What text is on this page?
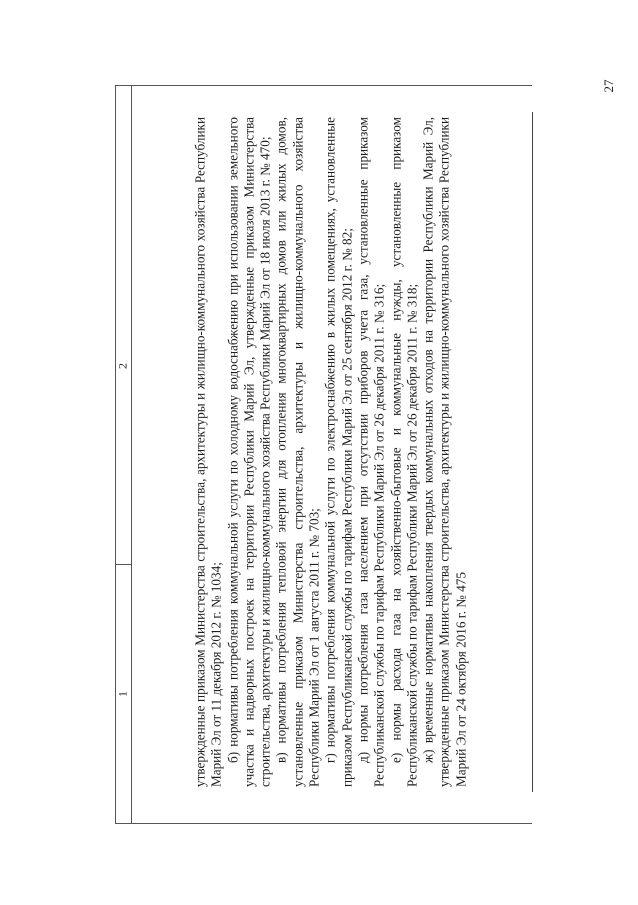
27
1
2	утвержденные приказом Министерства строительства, архитектуры и жилищно-коммунального хозяйства Республики Марий Эл от 11 декабря 2012 г. № 1034; б) нормативы потребления коммунальной услуги по холодному водоснабжению при использовании земельного участка и надворных построек на территории Республики Марий Эл, утвержденные приказом Министерства строительства, архитектуры и жилищно-коммунального хозяйства Республики Марий Эл от 18 июля 2013 г. № 470; в) нормативы потребления тепловой энергии для отопления многоквартирных домов или жилых домов, установленные приказом Министерства строительства, архитектуры и жилищно-коммунального хозяйства Республики Марий Эл от 1 августа 2011 г. № 703; г) нормативы потребления коммунальной услуги по электроснабжению в жилых помещениях, установленные приказом Республиканской службы по тарифам Республики Марий Эл от 25 сентября 2012 г. № 82; д) нормы потребления газа населением при отсутствии приборов учета газа, установленные приказом Республиканской службы по тарифам Республики Марий Эл от 26 декабря 2011 г. № 316; е) нормы расхода газа на хозяйственно-бытовые и коммунальные нужды, установленные приказом Республиканской службы по тарифам Республики Марий Эл от 26 декабря 2011 г. № 318; ж) временные нормативы накопления твердых коммунальных отходов на территории Республики Марий Эл, утвержденные приказом Министерства строительства, архитектуры и жилищно-коммунального хозяйства Республики Марий Эл от 24 октября 2016 г. № 475
